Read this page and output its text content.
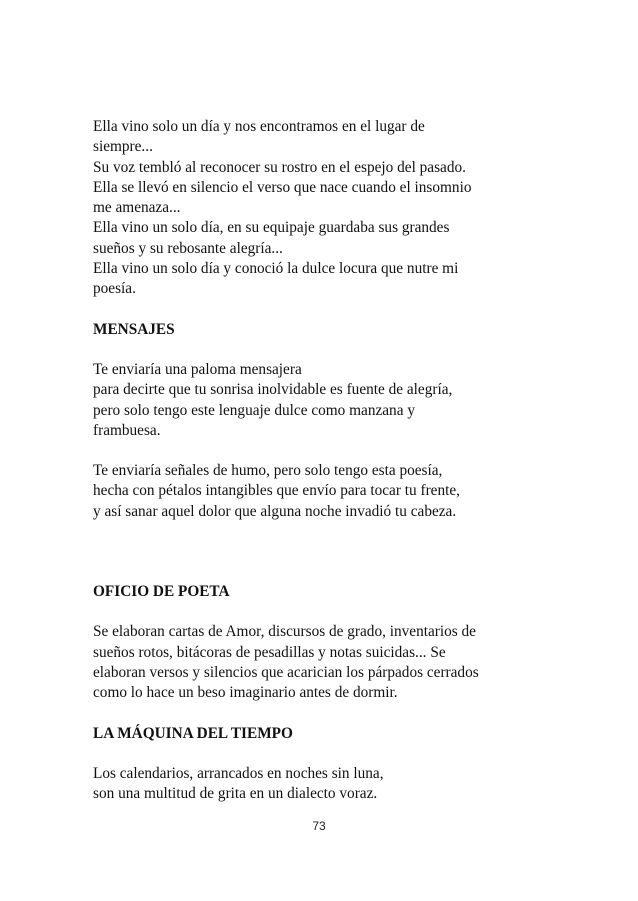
Ella vino solo un día y nos encontramos en el lugar de
siempre...
Su voz tembló al reconocer su rostro en el espejo del pasado.
Ella se llevó en silencio el verso que nace cuando el insomnio
me amenaza...
Ella vino un solo día, en su equipaje guardaba sus grandes
sueños y su rebosante alegría...
Ella vino un solo día y conoció la dulce locura que nutre mi
poesía.
MENSAJES
Te enviaría una paloma mensajera
para decirte que tu sonrisa inolvidable es fuente de alegría,
pero solo tengo este lenguaje dulce como manzana y
frambuesa.
Te enviaría señales de humo, pero solo tengo esta poesía,
hecha con pétalos intangibles que envío para tocar tu frente,
y así sanar aquel dolor que alguna noche invadió tu cabeza.
OFICIO DE POETA
Se elaboran cartas de Amor, discursos de grado, inventarios de
sueños rotos, bitácoras de pesadillas y notas suicidas... Se
elaboran versos y silencios que acarician los párpados cerrados
como lo hace un beso imaginario antes de dormir.
LA MÁQUINA DEL TIEMPO
Los calendarios, arrancados en noches sin luna,
son una multitud de grita en un dialecto voraz.
73
